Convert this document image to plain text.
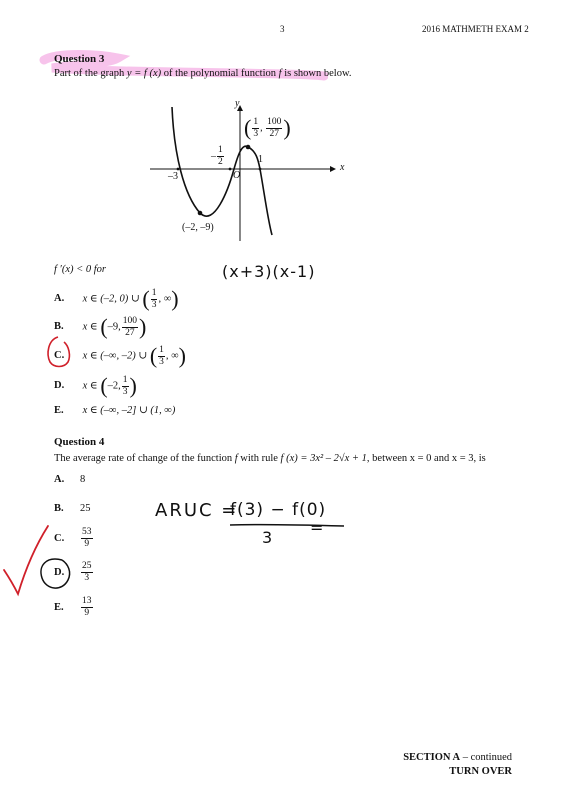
3	2016 MATHMETH EXAM 2
Question 3
Part of the graph y = f (x) of the polynomial function f is shown below.
y
x
O
–3
1
– $\frac{1}{2}$
( $\frac{1}{3}$ , $\frac{100}{27}$ )
(–2, –9)
f ′(x) < 0 for	(x+3)(x-1)
A. x ∈ (–2, 0) ∪ ( $\frac{1}{3}$ , ∞)
B. x ∈ (–9, $\frac{100}{27}$ )
C. x ∈ (–∞, –2) ∪ ( $\frac{1}{3}$ , ∞)
D. x ∈ (–2, $\frac{1}{3}$ )
E. x ∈ (–∞, –2] ∪ (1, ∞)
Question 4
The average rate of change of the function f with rule f (x) = 3x² – 2√x + 1, between x = 0 and x = 3, is
A. 8
B. 25
C. $\frac{53}{9}$
D. $\frac{25}{3}$
E. $\frac{13}{9}$
ARUC =
f(3) − f(0)
3
=
SECTION A – continued
TURN OVER
